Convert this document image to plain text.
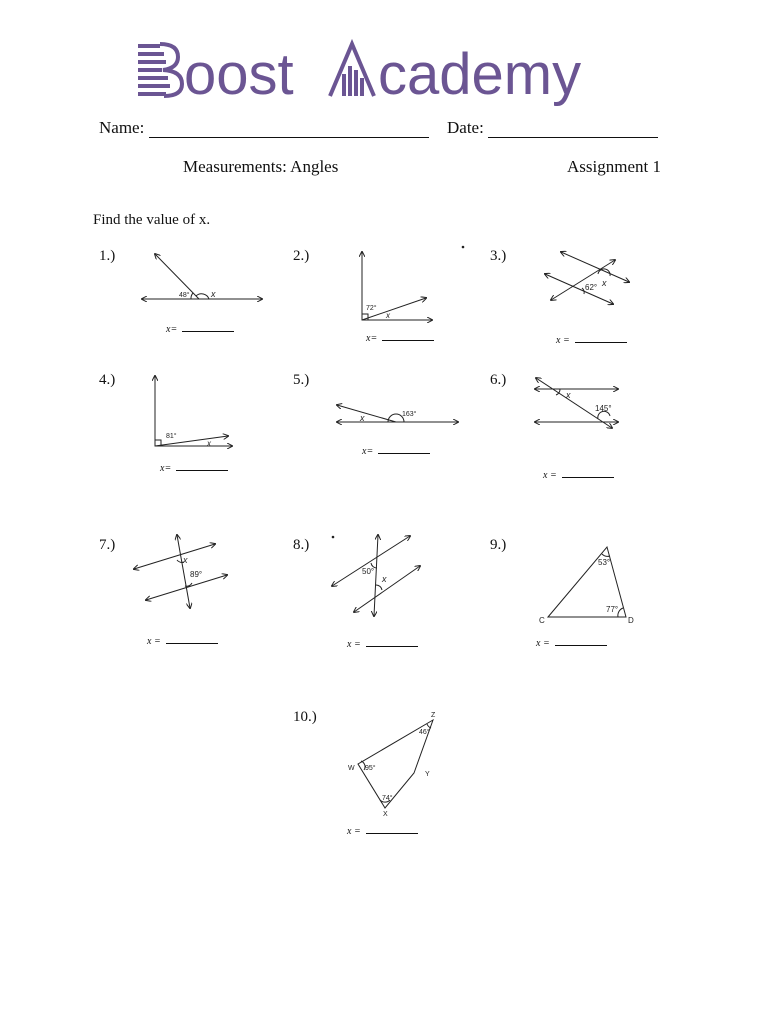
oost cademy
Name:	Date:
Measurements: Angles	Assignment 1
Find the value of x.
1.)	2.)	3.)
4.)	5.)	6.)
7.)	8.)	9.)
10.)
x=
x=	x =
x=
x=
x =
x =	x =	x =
x =
48° x
72°
x
62° x
81°
x
163°
x
x
145°
x
89°	50°
x
53°
77°
C	D
Z
46°
W 95°
Y
74°
X
